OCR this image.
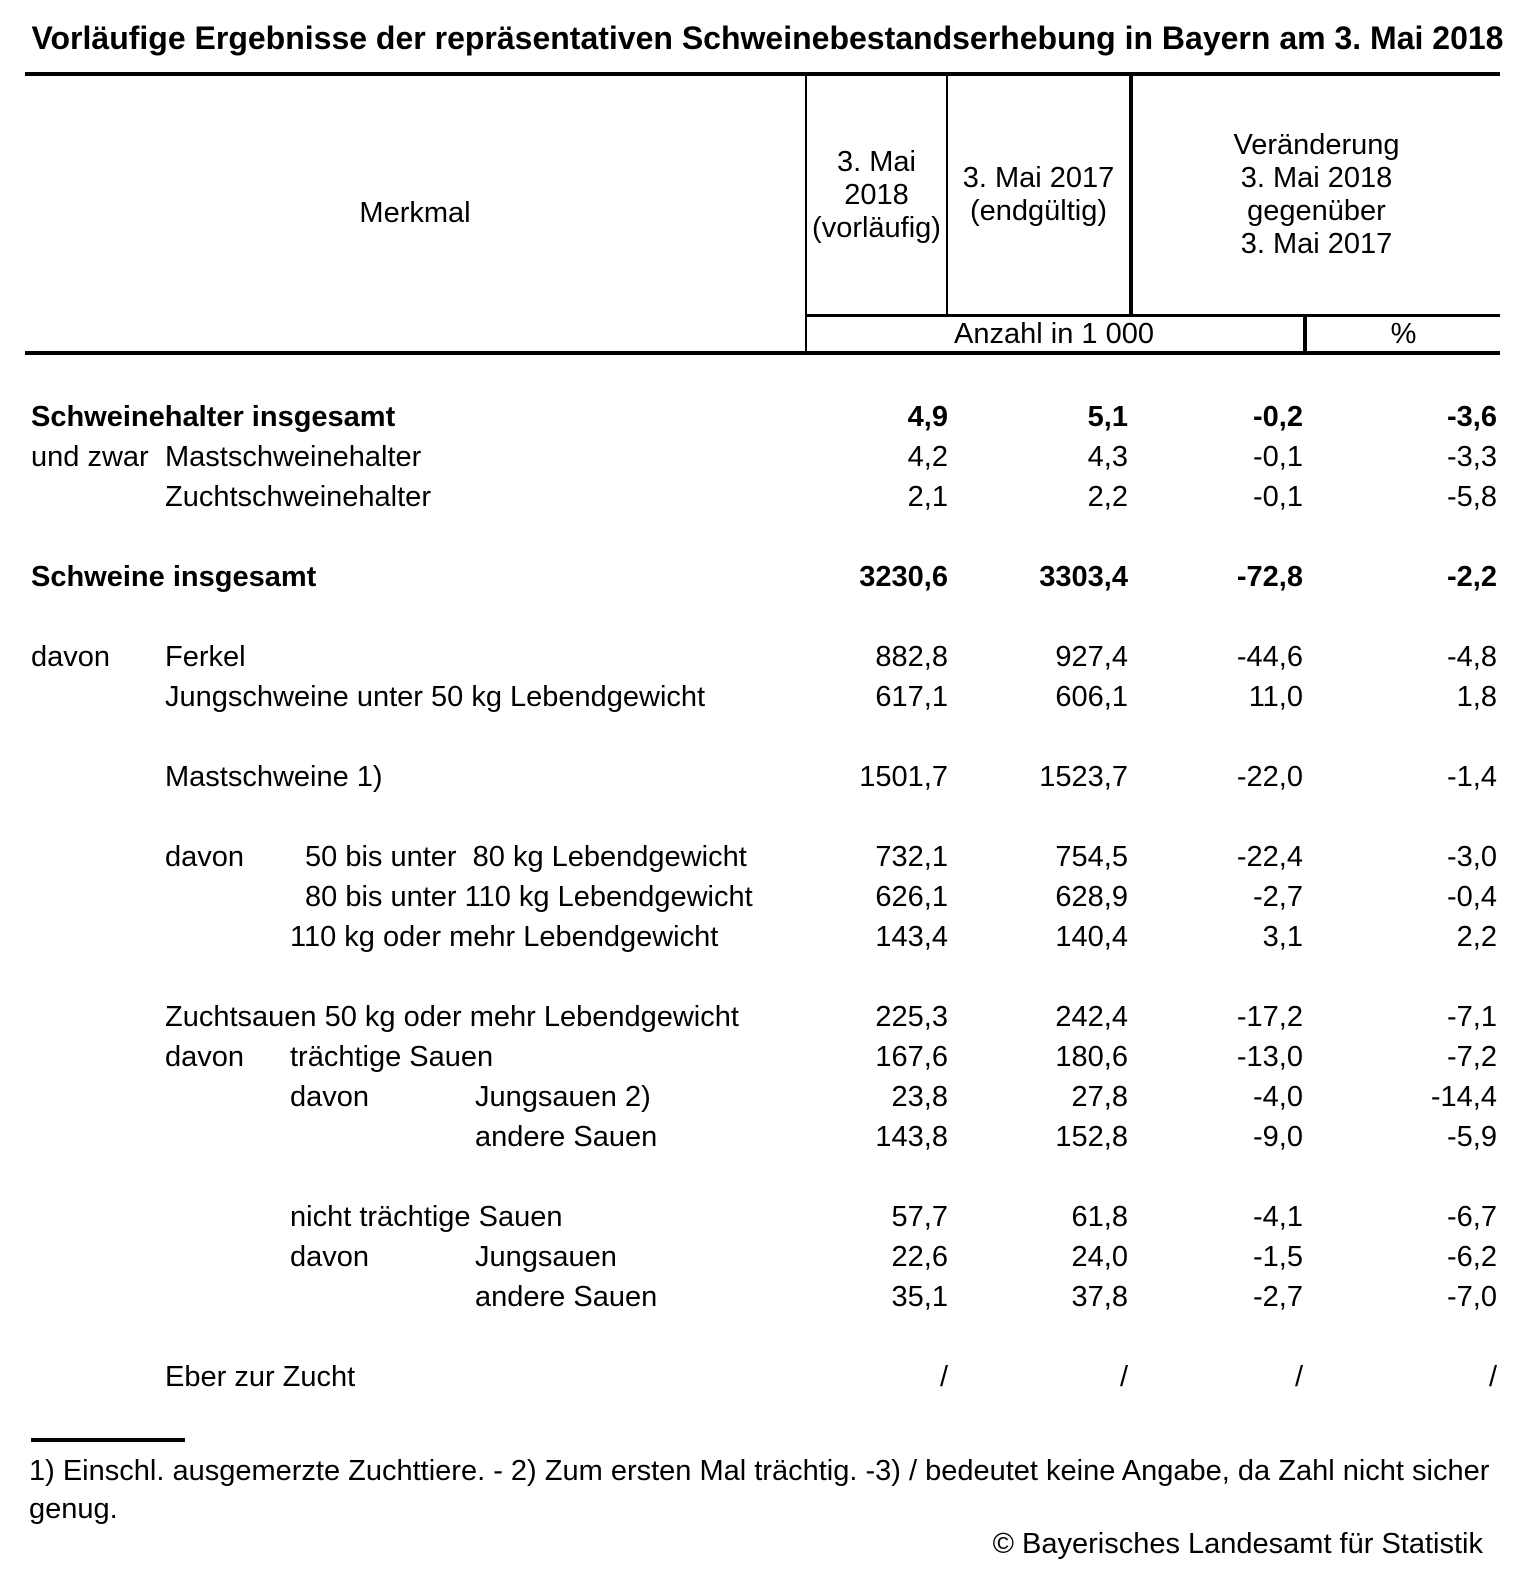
Vorläufige Ergebnisse der repräsentativen Schweinebestandserhebung in Bayern am 3. Mai 2018
Merkmal
3. Mai 2018
(vorläufig)
3. Mai 2017
(endgültig)
Veränderung
3. Mai 2018
gegenüber
3. Mai 2017
Anzahl in 1 000	%
Schweinehalter insgesamt	4,9	5,1	-0,2	-3,6
und zwar Mastschweinehalter	4,2	4,3	-0,1	-3,3
Zuchtschweinehalter	2,1	2,2	-0,1	-5,8
Schweine insgesamt	3230,6	3303,4	-72,8	-2,2
davon Ferkel	882,8	927,4	-44,6	-4,8
Jungschweine unter 50 kg Lebendgewicht	617,1	606,1	11,0	1,8
Mastschweine 1)	1501,7	1523,7	-22,0	-1,4
davon 50 bis unter  80 kg Lebendgewicht	732,1	754,5	-22,4	-3,0
80 bis unter 110 kg Lebendgewicht	626,1	628,9	-2,7	-0,4
110 kg oder mehr Lebendgewicht	143,4	140,4	3,1	2,2
Zuchtsauen 50 kg oder mehr Lebendgewicht	225,3	242,4	-17,2	-7,1
davon trächtige Sauen	167,6	180,6	-13,0	-7,2
davon	Jungsauen 2)	23,8	27,8	-4,0	-14,4
andere Sauen	143,8	152,8	-9,0	-5,9
nicht trächtige Sauen	57,7	61,8	-4,1	-6,7
davon	Jungsauen	22,6	24,0	-1,5	-6,2
andere Sauen	35,1	37,8	-2,7	-7,0
Eber zur Zucht	/	/	/	/
1) Einschl. ausgemerzte Zuchttiere. - 2) Zum ersten Mal trächtig. -3) / bedeutet keine Angabe, da Zahl nicht sicher genug.
© Bayerisches Landesamt für Statistik
